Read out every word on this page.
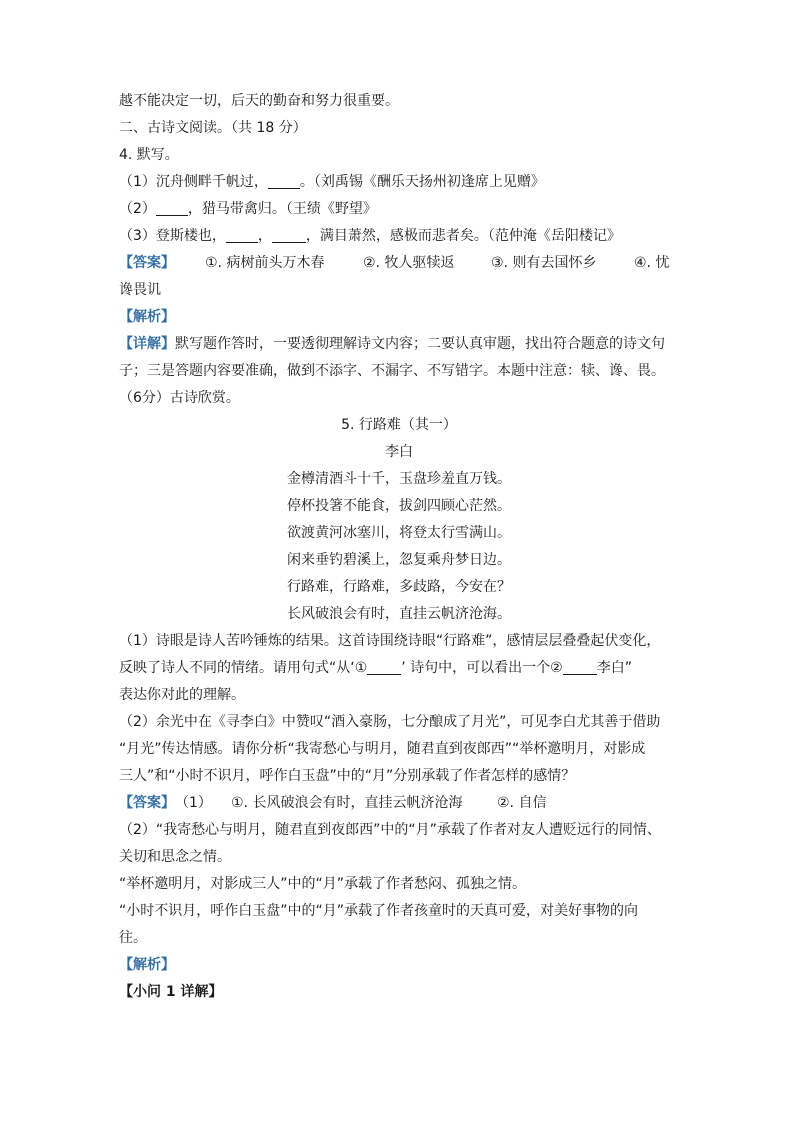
越不能决定一切，后天的勤奋和努力很重要。
二、古诗文阅读。（共 18 分）
4. 默写。
（1）沉舟侧畔千帆过， 。（刘禹锡《酬乐天扬州初逢席上见赠》
（2） ，猎马带禽归。（王绩《野望》
（3）登斯楼也， ， ，满目萧然，感极而悲者矣。（范仲淹《岳阳楼记》
【答案】 ①. 病树前头万木春	②. 牧人驱犊返	③. 则有去国怀乡	④. 忧
谗畏讥
【解析】
【详解】默写题作答时，一要透彻理解诗文内容；二要认真审题，找出符合题意的诗文句
子；三是答题内容要准确，做到不添字、不漏字、不写错字。本题中注意：犊、谗、畏。
（6分）古诗欣赏。
5. 行路难（其一）
李白
金樽清酒斗十千，玉盘珍羞直万钱。
停杯投箸不能食，拔剑四顾心茫然。
欲渡黄河冰塞川，将登太行雪满山。
闲来垂钓碧溪上，忽复乘舟梦日边。
行路难，行路难，多歧路，今安在？
长风破浪会有时，直挂云帆济沧海。
（1）诗眼是诗人苦吟锤炼的结果。这首诗围绕诗眼“行路难”，感情层层叠叠起伏变化，
反映了诗人不同的情绪。请用句式“从‘① ’ 诗句中，可以看出一个② 李白”
表达你对此的理解。
（2）余光中在《寻李白》中赞叹“酒入豪肠，七分酿成了月光”，可见李白尤其善于借助
“月光”传达情感。请你分析“我寄愁心与明月，随君直到夜郎西”“举杯邀明月，对影成
三人”和“小时不识月，呼作白玉盘”中的“月”分别承载了作者怎样的感情？
【答案】 （1） ①. 长风破浪会有时，直挂云帆济沧海 ②. 自信
（2）“我寄愁心与明月，随君直到夜郎西”中的“月”承载了作者对友人遭贬远行的同情、
关切和思念之情。
“举杯邀明月，对影成三人”中的“月”承载了作者愁闷、孤独之情。
“小时不识月，呼作白玉盘”中的“月”承载了作者孩童时的天真可爱，对美好事物的向
往。
【解析】
【小问 1 详解】
